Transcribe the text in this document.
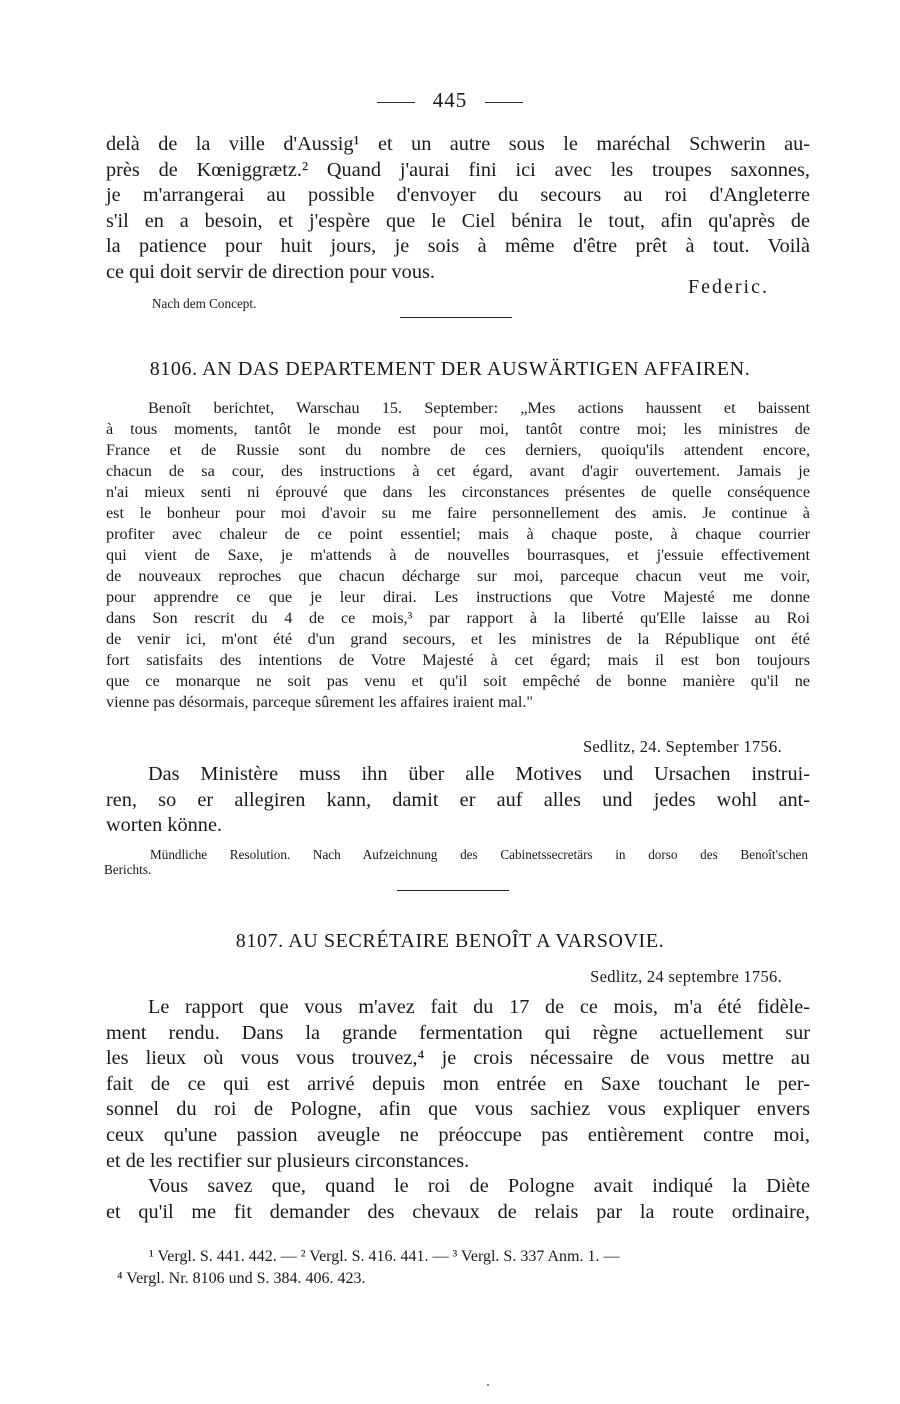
445

delà de la ville d'Aussig¹ et un autre sous le maréchal Schwerin au-
près de Kœniggrætz.² Quand j'aurai fini ici avec les troupes saxonnes,
je m'arrangerai au possible d'envoyer du secours au roi d'Angleterre
s'il en a besoin, et j'espère que le Ciel bénira le tout, afin qu'après de
la patience pour huit jours, je sois à même d'être prêt à tout. Voilà
ce qui doit servir de direction pour vous.

Federic.
Nach dem Concept.
8106. AN DAS DEPARTEMENT DER AUSWÄRTIGEN AFFAIREN.

Benoît berichtet, Warschau 15. September: „Mes actions haussent et baissent
à tous moments, tantôt le monde est pour moi, tantôt contre moi; les ministres de
France et de Russie sont du nombre de ces derniers, quoiqu'ils attendent encore,
chacun de sa cour, des instructions à cet égard, avant d'agir ouvertement. Jamais je
n'ai mieux senti ni éprouvé que dans les circonstances présentes de quelle conséquence
est le bonheur pour moi d'avoir su me faire personnellement des amis. Je continue à
profiter avec chaleur de ce point essentiel; mais à chaque poste, à chaque courrier
qui vient de Saxe, je m'attends à de nouvelles bourrasques, et j'essuie effectivement
de nouveaux reproches que chacun décharge sur moi, parceque chacun veut me voir,
pour apprendre ce que je leur dirai. Les instructions que Votre Majesté me donne
dans Son rescrit du 4 de ce mois,³ par rapport à la liberté qu'Elle laisse au Roi
de venir ici, m'ont été d'un grand secours, et les ministres de la République ont été
fort satisfaits des intentions de Votre Majesté à cet égard; mais il est bon toujours
que ce monarque ne soit pas venu et qu'il soit empêché de bonne manière qu'il ne
vienne pas désormais, parceque sûrement les affaires iraient mal."

Sedlitz, 24. September 1756.

Das Ministère muss ihn über alle Motives und Ursachen instrui-
ren, so er allegiren kann, damit er auf alles und jedes wohl ant-
worten könne.

Mündliche Resolution. Nach Aufzeichnung des Cabinetssecretärs in dorso des Benoît'schen
Berichts.
8107. AU SECRÉTAIRE BENOÎT A VARSOVIE.
Sedlitz, 24 septembre 1756.

Le rapport que vous m'avez fait du 17 de ce mois, m'a été fidèle-
ment rendu. Dans la grande fermentation qui règne actuellement sur
les lieux où vous vous trouvez,⁴ je crois nécessaire de vous mettre au
fait de ce qui est arrivé depuis mon entrée en Saxe touchant le per-
sonnel du roi de Pologne, afin que vous sachiez vous expliquer envers
ceux qu'une passion aveugle ne préoccupe pas entièrement contre moi,
et de les rectifier sur plusieurs circonstances.

Vous savez que, quand le roi de Pologne avait indiqué la Diète
et qu'il me fit demander des chevaux de relais par la route ordinaire,

¹ Vergl. S. 441. 442. — ² Vergl. S. 416. 441. — ³ Vergl. S. 337 Anm. 1. —
⁴ Vergl. Nr. 8106 und S. 384. 406. 423.
